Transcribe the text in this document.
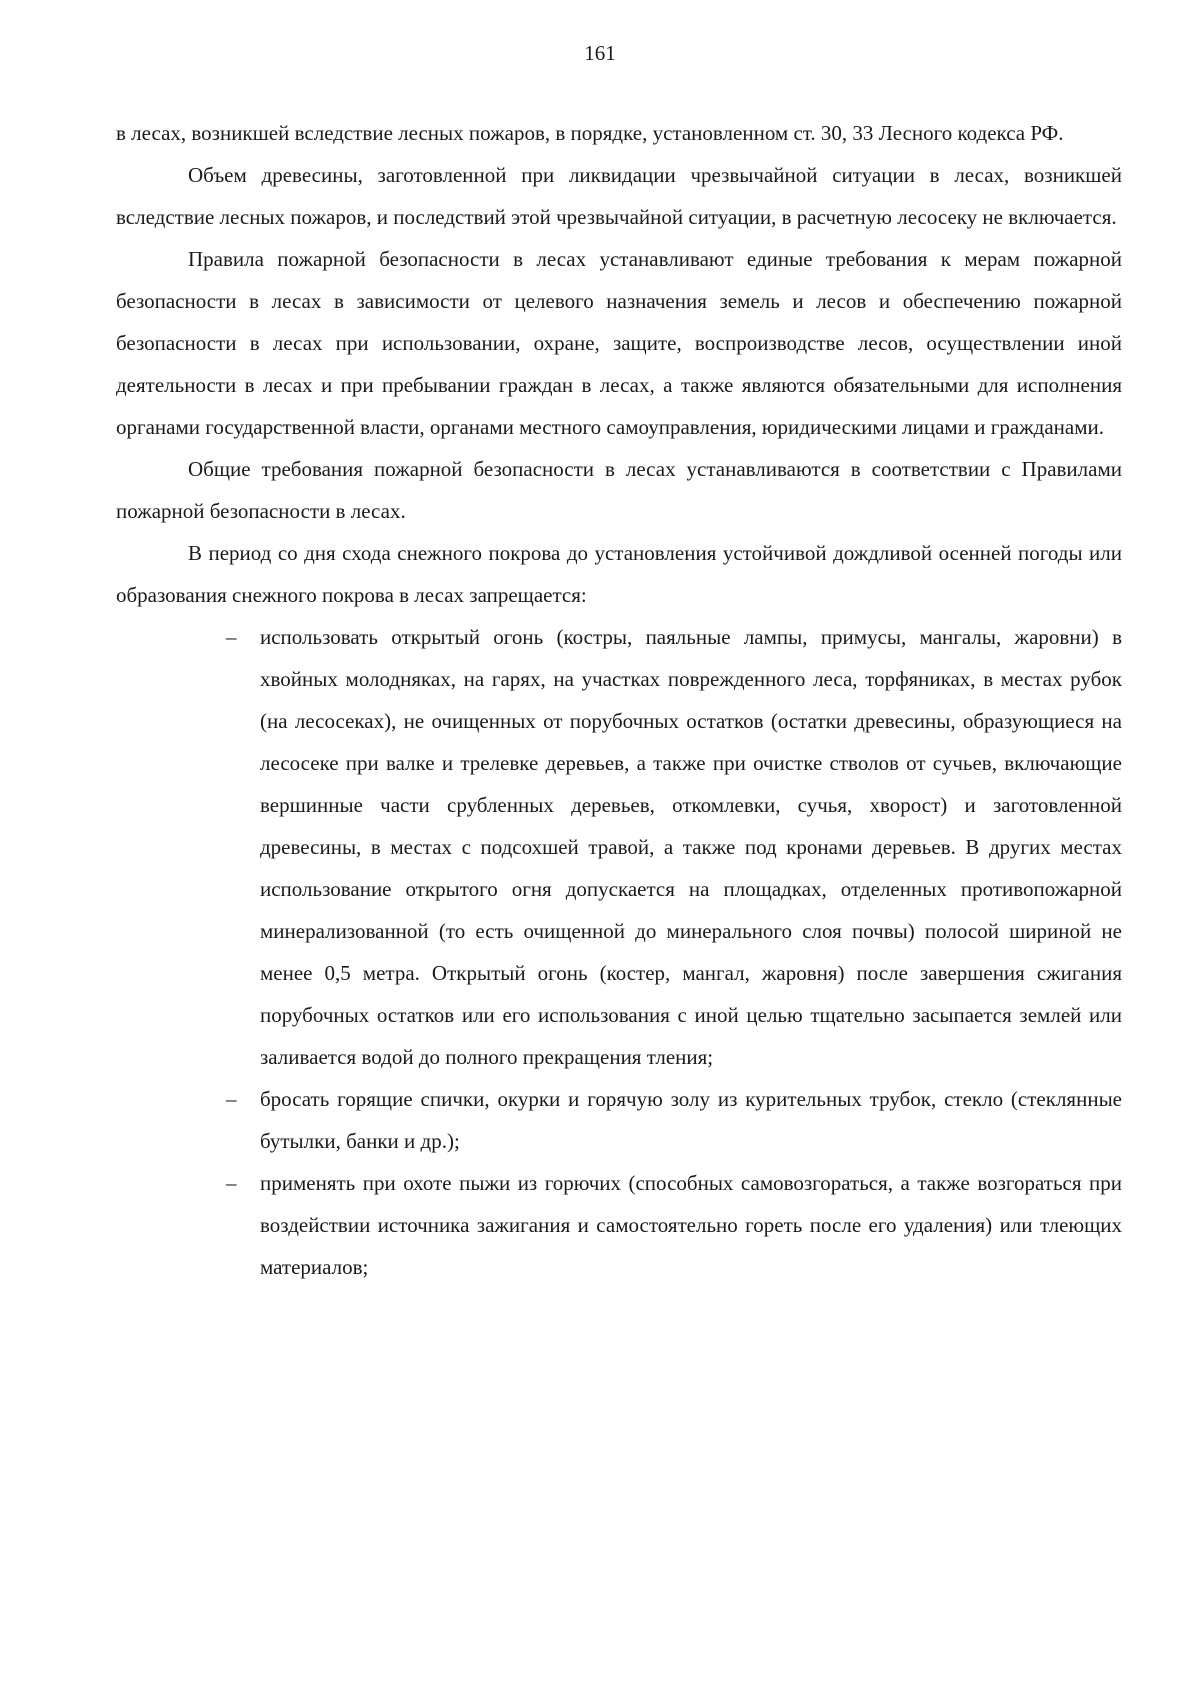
161

в лесах, возникшей вследствие лесных пожаров, в порядке, установленном ст. 30, 33 Лесного кодекса РФ.

Объем древесины, заготовленной при ликвидации чрезвычайной ситуации в лесах, возникшей вследствие лесных пожаров, и последствий этой чрезвычайной ситуации, в расчетную лесосеку не включается.

Правила пожарной безопасности в лесах устанавливают единые требования к мерам пожарной безопасности в лесах в зависимости от целевого назначения земель и лесов и обеспечению пожарной безопасности в лесах при использовании, охране, защите, воспроизводстве лесов, осуществлении иной деятельности в лесах и при пребывании граждан в лесах, а также являются обязательными для исполнения органами государственной власти, органами местного самоуправления, юридическими лицами и гражданами.

Общие требования пожарной безопасности в лесах устанавливаются в соответствии с Правилами пожарной безопасности в лесах.

В период со дня схода снежного покрова до установления устойчивой дождливой осенней погоды или образования снежного покрова в лесах запрещается:

– использовать открытый огонь (костры, паяльные лампы, примусы, мангалы, жаровни) в хвойных молодняках, на гарях, на участках поврежденного леса, торфяниках, в местах рубок (на лесосеках), не очищенных от порубочных остатков (остатки древесины, образующиеся на лесосеке при валке и трелевке деревьев, а также при очистке стволов от сучьев, включающие вершинные части срубленных деревьев, откомлевки, сучья, хворост) и заготовленной древесины, в местах с подсохшей травой, а также под кронами деревьев. В других местах использование открытого огня допускается на площадках, отделенных противопожарной минерализованной (то есть очищенной до минерального слоя почвы) полосой шириной не менее 0,5 метра. Открытый огонь (костер, мангал, жаровня) после завершения сжигания порубочных остатков или его использования с иной целью тщательно засыпается землей или заливается водой до полного прекращения тления;
– бросать горящие спички, окурки и горячую золу из курительных трубок, стекло (стеклянные бутылки, банки и др.);
– применять при охоте пыжи из горючих (способных самовозгораться, а также возгораться при воздействии источника зажигания и самостоятельно гореть после его удаления) или тлеющих материалов;
